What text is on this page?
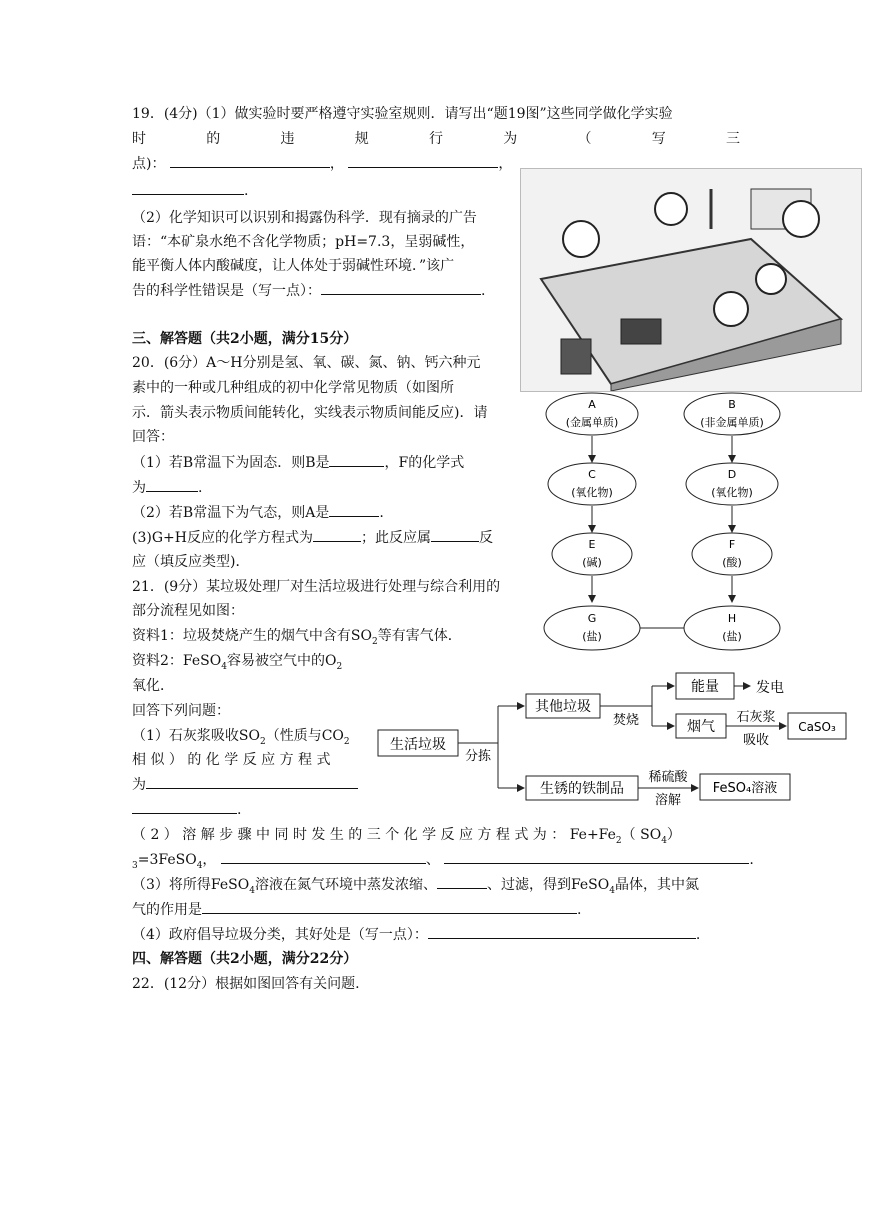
19．(4分)（1）做实验时要严格遵守实验室规则．请写出“题19图”这些同学做化学实验
时	的	违	规	行	为	（	写	三
点)：	，	，
.
（2）化学知识可以识别和揭露伪科学．现有摘录的广告
语：“本矿泉水绝不含化学物质；pH=7.3，呈弱碱性，
能平衡人体内酸碱度，让人体处于弱碱性环境．”该广
告的科学性错误是（写一点）：	.
三、解答题（共2小题，满分15分）
20．(6分）A～H分别是氢、氧、碳、氮、钠、钙六种元
素中的一种或几种组成的初中化学常见物质（如图所
示．箭头表示物质间能转化，实线表示物质间能反应)．请
回答：
（1）若B常温下为固态．则B是	，F的化学式
为	.
（2）若B常温下为气态，则A是	.
(3)G+H反应的化学方程式为	；此反应属	反
应（填反应类型)．
A
(金属单质)
B
(非金属单质)
C
(氧化物)
D
(氧化物)
E
(碱)
F
(酸)
G
(盐)
H
(盐)
21．(9分）某垃圾处理厂对生活垃圾进行处理与综合利用的
部分流程见如图：
资料1：垃圾焚烧产生的烟气中含有$SO_2$等有害气体．
资料2：FeSO$_4$容易被空气中的$O_2$
氧化．
回答下列问题：
（1）石灰浆吸收$SO_2$（性质与$CO_2$
相 似 ） 的 化 学 反 应 方 程 式
为
.
（ 2 ） 溶 解 步 骤 中 同 时 发 生 的 三 个 化 学 反 应 方 程 式 为 ： $Fe+Fe_2$（ $SO_4$）
$_3$=3FeSO$_4$，	、	.
（3）将所得FeSO$_4$溶液在氮气环境中蒸发浓缩、	、过滤，得到FeSO$_4$晶体，其中氮
气的作用是	.
（4）政府倡导垃圾分类，其好处是（写一点）：	.
生活垃圾
分拣
其他垃圾
焚烧
能量	发电
烟气
石灰浆
吸收
CaSO₃
生锈的铁制品
稀硫酸
溶解
FeSO₄溶液
四、解答题（共2小题，满分22分）
22．(12分）根据如图回答有关问题.
